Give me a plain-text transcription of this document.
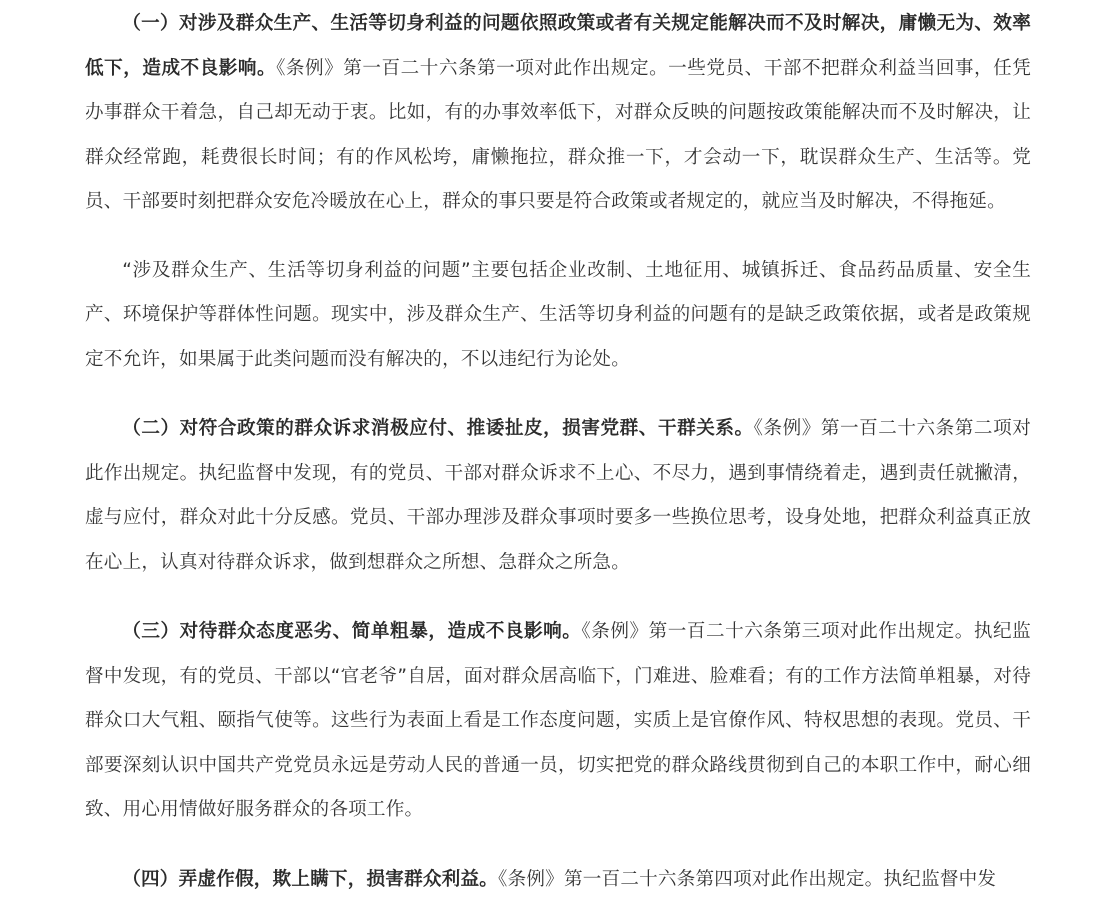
（一）对涉及群众生产、生活等切身利益的问题依照政策或者有关规定能解决而不及时解决，庸懒无为、效率低下，造成不良影响。《条例》第一百二十六条第一项对此作出规定。一些党员、干部不把群众利益当回事，任凭办事群众干着急，自己却无动于衷。比如，有的办事效率低下，对群众反映的问题按政策能解决而不及时解决，让群众经常跑，耗费很长时间；有的作风松垮，庸懒拖拉，群众推一下，才会动一下，耽误群众生产、生活等。党员、干部要时刻把群众安危冷暖放在心上，群众的事只要是符合政策或者规定的，就应当及时解决，不得拖延。

“涉及群众生产、生活等切身利益的问题”主要包括企业改制、土地征用、城镇拆迁、食品药品质量、安全生产、环境保护等群体性问题。现实中，涉及群众生产、生活等切身利益的问题有的是缺乏政策依据，或者是政策规定不允许，如果属于此类问题而没有解决的，不以违纪行为论处。

（二）对符合政策的群众诉求消极应付、推诿扯皮，损害党群、干群关系。《条例》第一百二十六条第二项对此作出规定。执纪监督中发现，有的党员、干部对群众诉求不上心、不尽力，遇到事情绕着走，遇到责任就撇清，虚与应付，群众对此十分反感。党员、干部办理涉及群众事项时要多一些换位思考，设身处地，把群众利益真正放在心上，认真对待群众诉求，做到想群众之所想、急群众之所急。

（三）对待群众态度恶劣、简单粗暴，造成不良影响。《条例》第一百二十六条第三项对此作出规定。执纪监督中发现，有的党员、干部以“官老爷”自居，面对群众居高临下，门难进、脸难看；有的工作方法简单粗暴，对待群众口大气粗、颐指气使等。这些行为表面上看是工作态度问题，实质上是官僚作风、特权思想的表现。党员、干部要深刻认识中国共产党党员永远是劳动人民的普通一员，切实把党的群众路线贯彻到自己的本职工作中，耐心细致、用心用情做好服务群众的各项工作。

（四）弄虚作假，欺上瞒下，损害群众利益。《条例》第一百二十六条第四项对此作出规定。执纪监督中发
